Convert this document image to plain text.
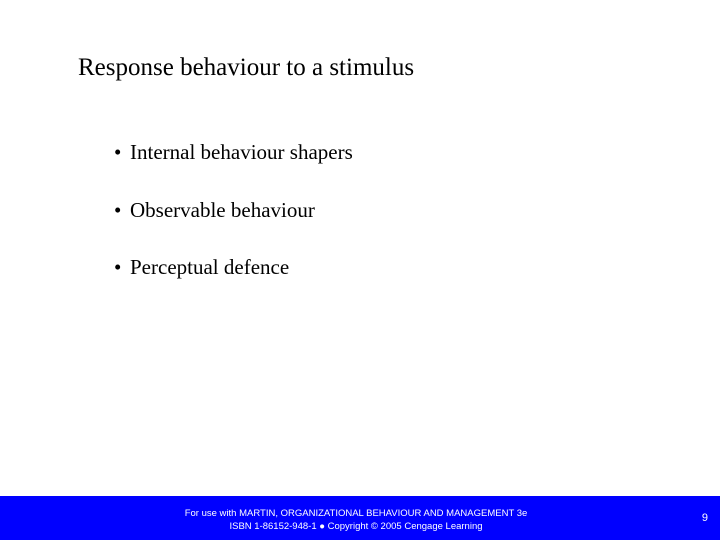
Response behaviour to a stimulus
• Internal behaviour shapers
• Observable behaviour
• Perceptual defence
For use with MARTIN, ORGANIZATIONAL BEHAVIOUR AND MANAGEMENT 3e
ISBN 1-86152-948-1 ● Copyright © 2005 Cengage Learning
9
